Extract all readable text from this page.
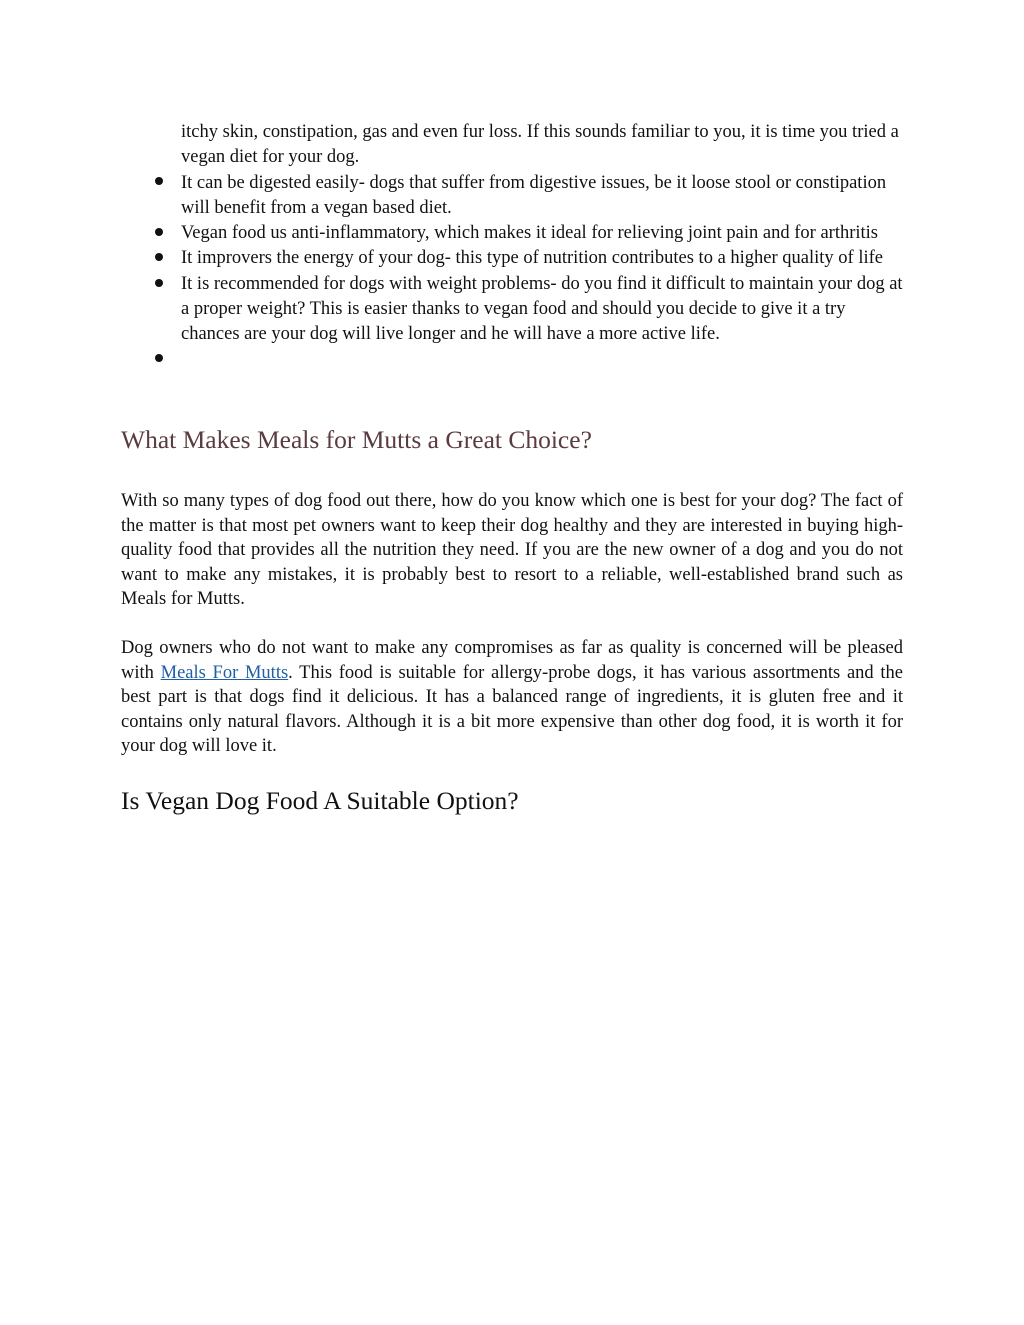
itchy skin, constipation, gas and even fur loss. If this sounds familiar to you, it is time you tried a vegan diet for your dog.
It can be digested easily- dogs that suffer from digestive issues, be it loose stool or constipation will benefit from a vegan based diet.
Vegan food us anti-inflammatory, which makes it ideal for relieving joint pain and for arthritis
It improvers the energy of your dog- this type of nutrition contributes to a higher quality of life
It is recommended for dogs with weight problems- do you find it difficult to maintain your dog at a proper weight? This is easier thanks to vegan food and should you decide to give it a try chances are your dog will live longer and he will have a more active life.
What Makes Meals for Mutts a Great Choice?

With so many types of dog food out there, how do you know which one is best for your dog? The fact of the matter is that most pet owners want to keep their dog healthy and they are interested in buying high-quality food that provides all the nutrition they need. If you are the new owner of a dog and you do not want to make any mistakes, it is probably best to resort to a reliable, well-established brand such as Meals for Mutts.

Dog owners who do not want to make any compromises as far as quality is concerned will be pleased with Meals For Mutts. This food is suitable for allergy-probe dogs, it has various assortments and the best part is that dogs find it delicious. It has a balanced range of ingredients, it is gluten free and it contains only natural flavors. Although it is a bit more expensive than other dog food, it is worth it for your dog will love it.

Is Vegan Dog Food A Suitable Option?
